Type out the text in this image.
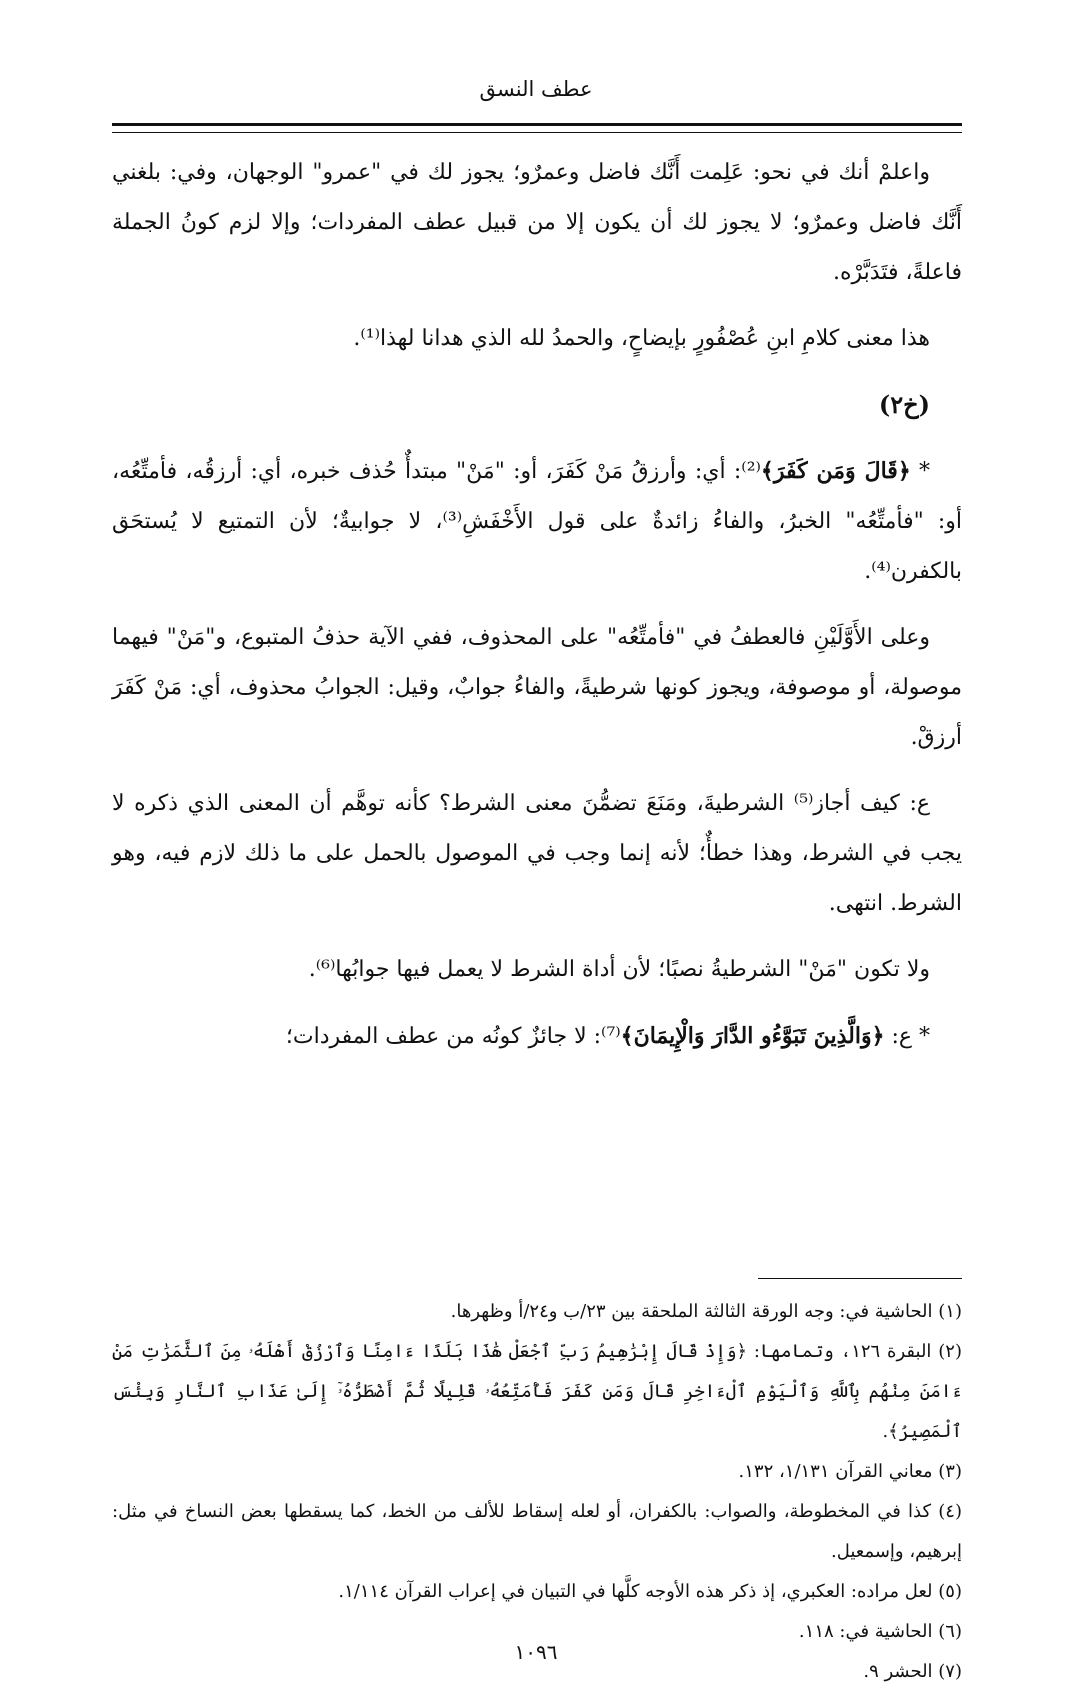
عطف النسق

واعلمْ أنك في نحو: عَلِمت أَنَّك فاضل وعمرٌو؛ يجوز لك في "عمرو" الوجهان، وفي: بلغني أَنَّك فاضل وعمرٌو؛ لا يجوز لك أن يكون إلا من قبيل عطف المفردات؛ وإلا لزم كونُ الجملة فاعلةً، فتَدَبَّرْه.

هذا معنى كلامِ ابنِ عُصْفُورٍ بإيضاحٍ، والحمدُ لله الذي هدانا لهذا⁽¹⁾.

(خ٢)

* ﴿قَالَ وَمَن كَفَرَ﴾⁽²⁾: أي: وأرزقُ مَنْ كَفَرَ، أو: "مَنْ" مبتدأٌ حُذف خبره، أي: أرزقُه، فأمتِّعُه، أو: "فأمتِّعُه" الخبرُ، والفاءُ زائدةٌ على قول الأَخْفَشِ⁽³⁾، لا جوابيةٌ؛ لأن التمتيع لا يُستحَق بالكفرن⁽⁴⁾.

وعلى الأَوَّلَيْنِ فالعطفُ في "فأمتِّعُه" على المحذوف، ففي الآية حذفُ المتبوع، و"مَنْ" فيهما موصولة، أو موصوفة، ويجوز كونها شرطيةً، والفاءُ جوابٌ، وقيل: الجوابُ محذوف، أي: مَنْ كَفَرَ أرزقْ.

ع: كيف أجاز⁽⁵⁾ الشرطيةَ، ومَنَعَ تضمُّنَ معنى الشرط؟ كأنه توهَّم أن المعنى الذي ذكره لا يجب في الشرط، وهذا خطأٌ؛ لأنه إنما وجب في الموصول بالحمل على ما ذلك لازم فيه، وهو الشرط. انتهى.

ولا تكون "مَنْ" الشرطيةُ نصبًا؛ لأن أداة الشرط لا يعمل فيها جوابُها⁽⁶⁾.

* ع: ﴿وَالَّذِينَ تَبَوَّءُو الدَّارَ وَالْإِيمَانَ﴾⁽⁷⁾: لا جائزٌ كونُه من عطف المفردات؛

(١) الحاشية في: وجه الورقة الثالثة الملحقة بين ٢٣/ب و٢٤/أ وظهرها.

(٢) البقرة ١٢٦، وتمامها: ﴿وَإِذْ قَالَ إِبْرَٰهِيمُ رَبِّ ٱجْعَلْ هَٰذَا بَلَدًا ءَامِنًا وَٱرْزُقْ أَهْلَهُۥ مِنَ ٱلثَّمَرَٰتِ مَنْ ءَامَنَ مِنْهُم بِٱللَّهِ وَٱلْيَوْمِ ٱلْءَاخِرِ قَالَ وَمَن كَفَرَ فَأُمَتِّعُهُۥ قَلِيلًا ثُمَّ أَضْطَرُّهُۥٓ إِلَىٰ عَذَابِ ٱلنَّارِ وَبِئْسَ ٱلْمَصِيرُ﴾.

(٣) معاني القرآن ١/١٣١، ١٣٢.

(٤) كذا في المخطوطة، والصواب: بالكفران، أو لعله إسقاط للألف من الخط، كما يسقطها بعض النساخ في مثل: إبرهيم، وإسمعيل.

(٥) لعل مراده: العكبري، إذ ذكر هذه الأوجه كلَّها في التبيان في إعراب القرآن ١/١١٤.

(٦) الحاشية في: ١١٨.

(٧) الحشر ٩.

١٠٩٦
